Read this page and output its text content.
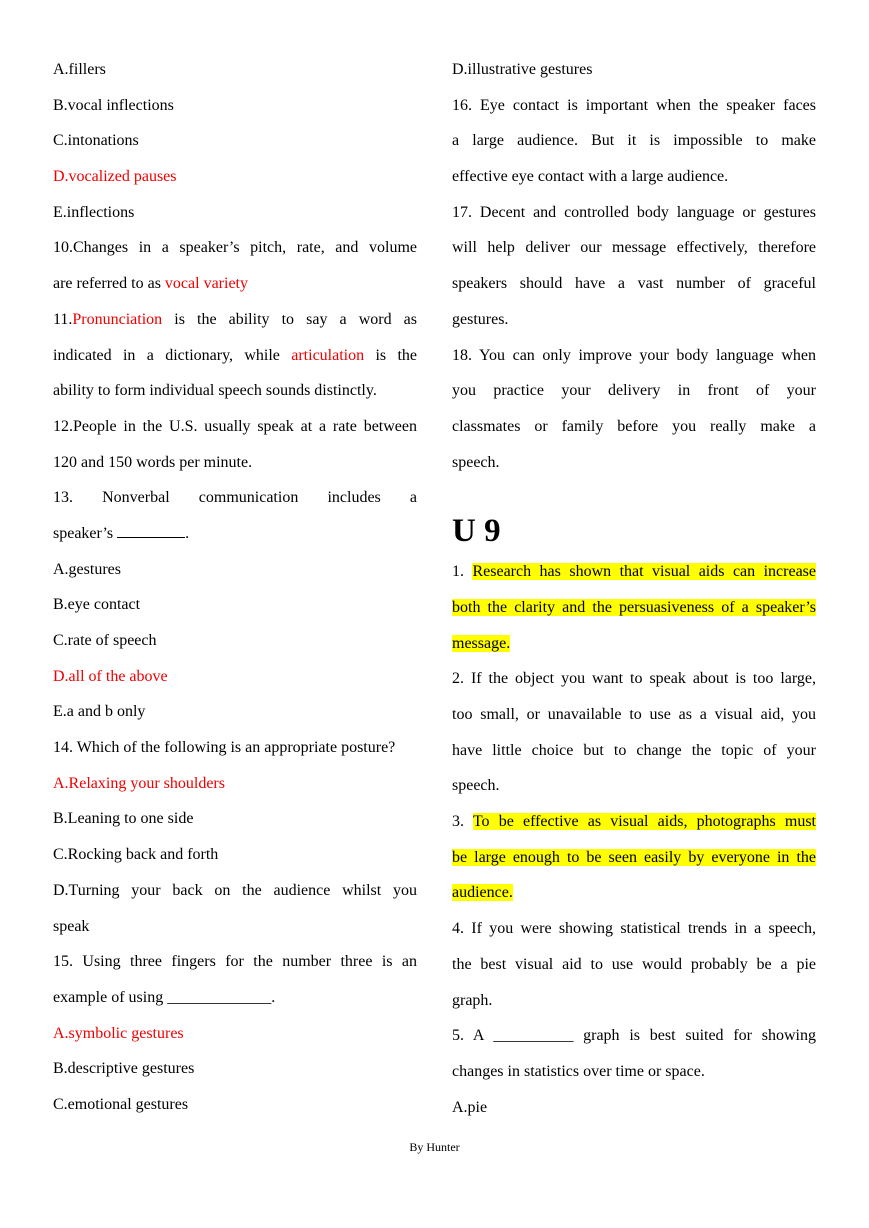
A.fillers
B.vocal inflections
C.intonations
D.vocalized pauses
E.inflections
10.Changes in a speaker’s pitch, rate, and volume
are referred to as vocal variety
11.Pronunciation is the ability to say a word as
indicated in a dictionary, while articulation is the
ability to form individual speech sounds distinctly.
12.People in the U.S. usually speak at a rate between
120 and 150 words per minute.
13. Nonverbal communication includes a
speaker’s	.
A.gestures
B.eye contact
C.rate of speech
D.all of the above
E.a and b only
14. Which of the following is an appropriate posture?
A.Relaxing your shoulders
B.Leaning to one side
C.Rocking back and forth
D.Turning your back on the audience whilst you
speak
15. Using three fingers for the number three is an
example of using _____________.
A.symbolic gestures
B.descriptive gestures
C.emotional gestures
D.illustrative gestures
16. Eye contact is important when the speaker faces
a large audience. But it is impossible to make
effective eye contact with a large audience.
17. Decent and controlled body language or gestures
will help deliver our message effectively, therefore
speakers should have a vast number of graceful
gestures.
18. You can only improve your body language when
you practice your delivery in front of your
classmates or family before you really make a
speech.
U 9
1. Research has shown that visual aids can increase
both the clarity and the persuasiveness of a speaker’s
message.
2. If the object you want to speak about is too large,
too small, or unavailable to use as a visual aid, you
have little choice but to change the topic of your
speech.
3. To be effective as visual aids, photographs must
be large enough to be seen easily by everyone in the
audience.
4. If you were showing statistical trends in a speech,
the best visual aid to use would probably be a pie
graph.
5. A __________ graph is best suited for showing
changes in statistics over time or space.
A.pie
By Hunter
